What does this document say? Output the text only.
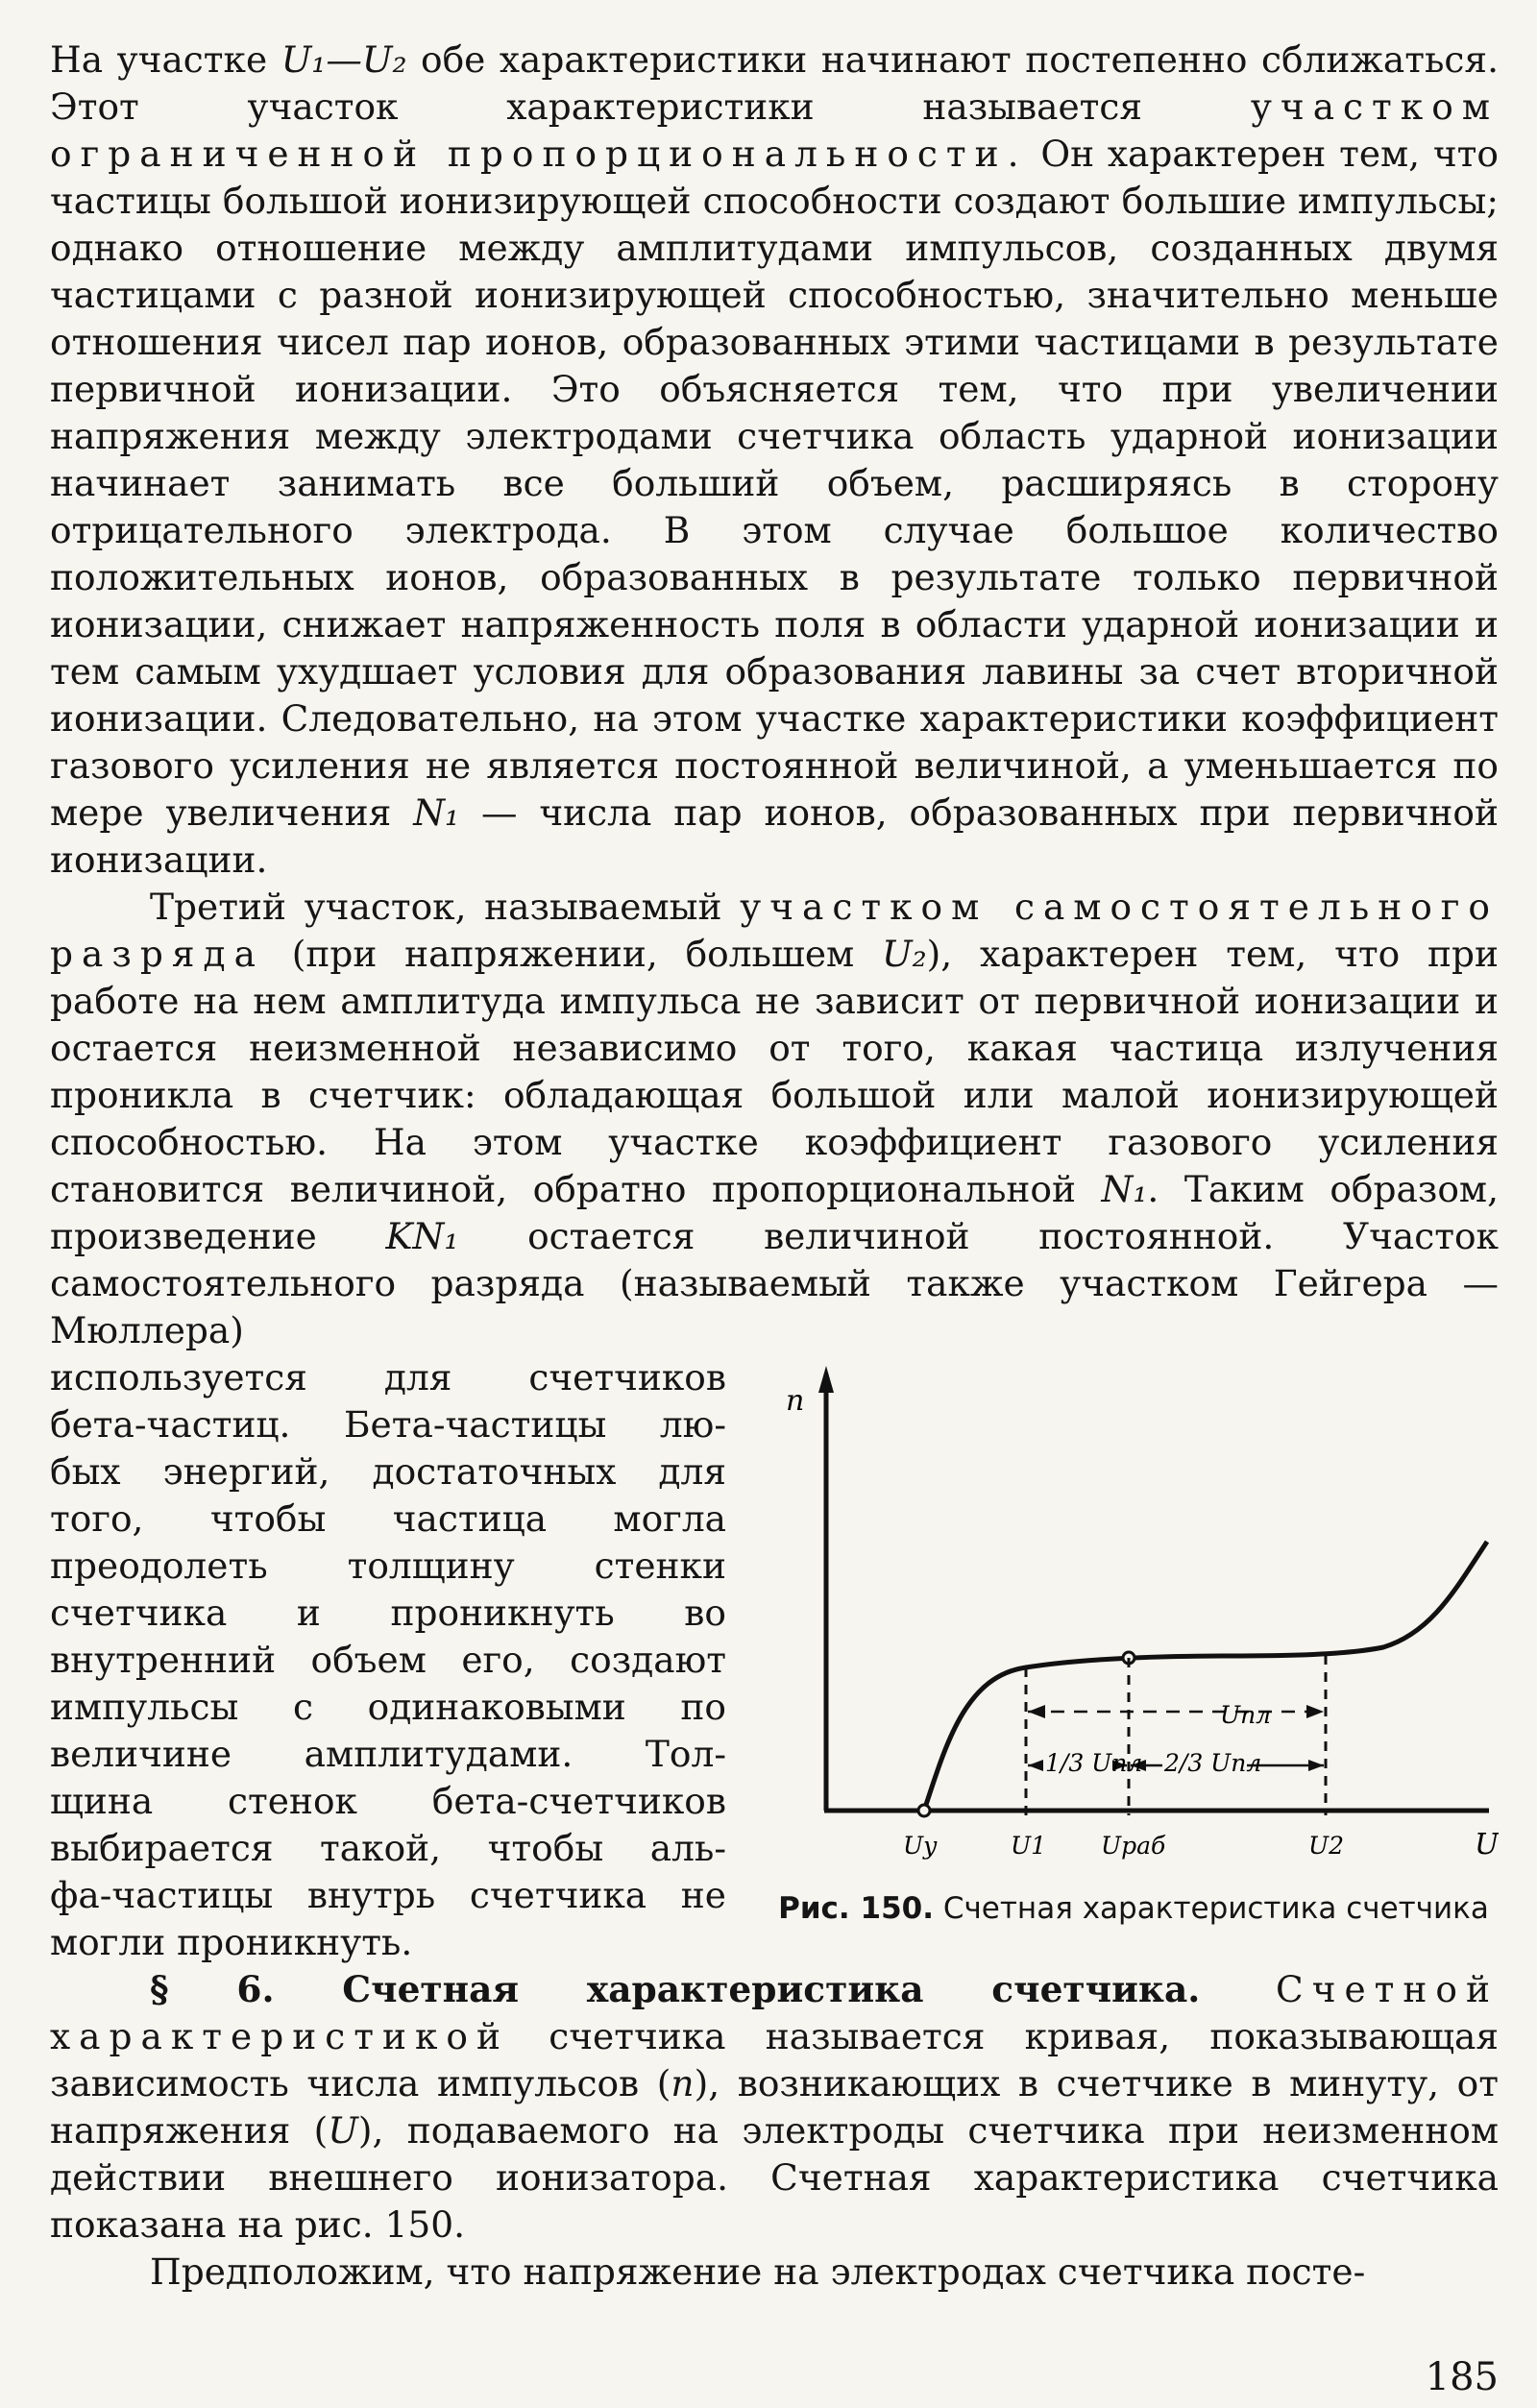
На участке U₁—U₂ обе характеристики начинают постепенно сближаться. Этот участок характеристики называется участком ограниченной пропорциональности. Он характерен тем, что частицы большой ионизирующей способности создают большие импульсы; однако отношение между амплитудами импульсов, созданных двумя частицами с разной ионизирующей способностью, значительно меньше отношения чисел пар ионов, образованных этими частицами в результате первичной ионизации. Это объясняется тем, что при увеличении напряжения между электродами счетчика область ударной ионизации начинает занимать все больший объем, расширяясь в сторону отрицательного электрода. В этом случае большое количество положительных ионов, образованных в результате только первичной ионизации, снижает напряженность поля в области ударной ионизации и тем самым ухудшает условия для образования лавины за счет вторичной ионизации. Следовательно, на этом участке характеристики коэффициент газового усиления не является постоянной величиной, а уменьшается по мере увеличения N₁ — числа пар ионов, образованных при первичной ионизации.

Третий участок, называемый участком самостоятельного разряда (при напряжении, большем U₂), характерен тем, что при работе на нем амплитуда импульса не зависит от первичной ионизации и остается неизменной независимо от того, какая частица излучения проникла в счетчик: обладающая большой или малой ионизирующей способностью. На этом участке коэффициент газового усиления становится величиной, обратно пропорциональной N₁. Таким образом, произведение KN₁ остается величиной постоянной. Участок самостоятельного разряда (называемый также участком Гейгера — Мюллера)

используется для счетчиков

бета-частиц. Бета-частицы лю-

бых энергий, достаточных для

того, чтобы частица могла

преодолеть толщину стенки

счетчика и проникнуть во

внутренний объем его, создают

импульсы с одинаковыми по

величине амплитудами. Тол-

щина стенок бета-счетчиков

выбирается такой, чтобы аль-

фа-частицы внутрь счетчика не

могли проникнуть.

n
U
Uпл
1/3 Uпл 2/3 Uпл
Uy	U1 Uраб	U2
Рис. 150. Счетная характеристика счетчика

§ 6. Счетная характеристика счетчика. Счетной характеристикой счетчика называется кривая, показывающая зависимость числа импульсов (n), возникающих в счетчике в минуту, от напряжения (U), подаваемого на электроды счетчика при неизменном действии внешнего ионизатора. Счетная характеристика счетчика показана на рис. 150.

Предположим, что напряжение на электродах счетчика посте-

185
